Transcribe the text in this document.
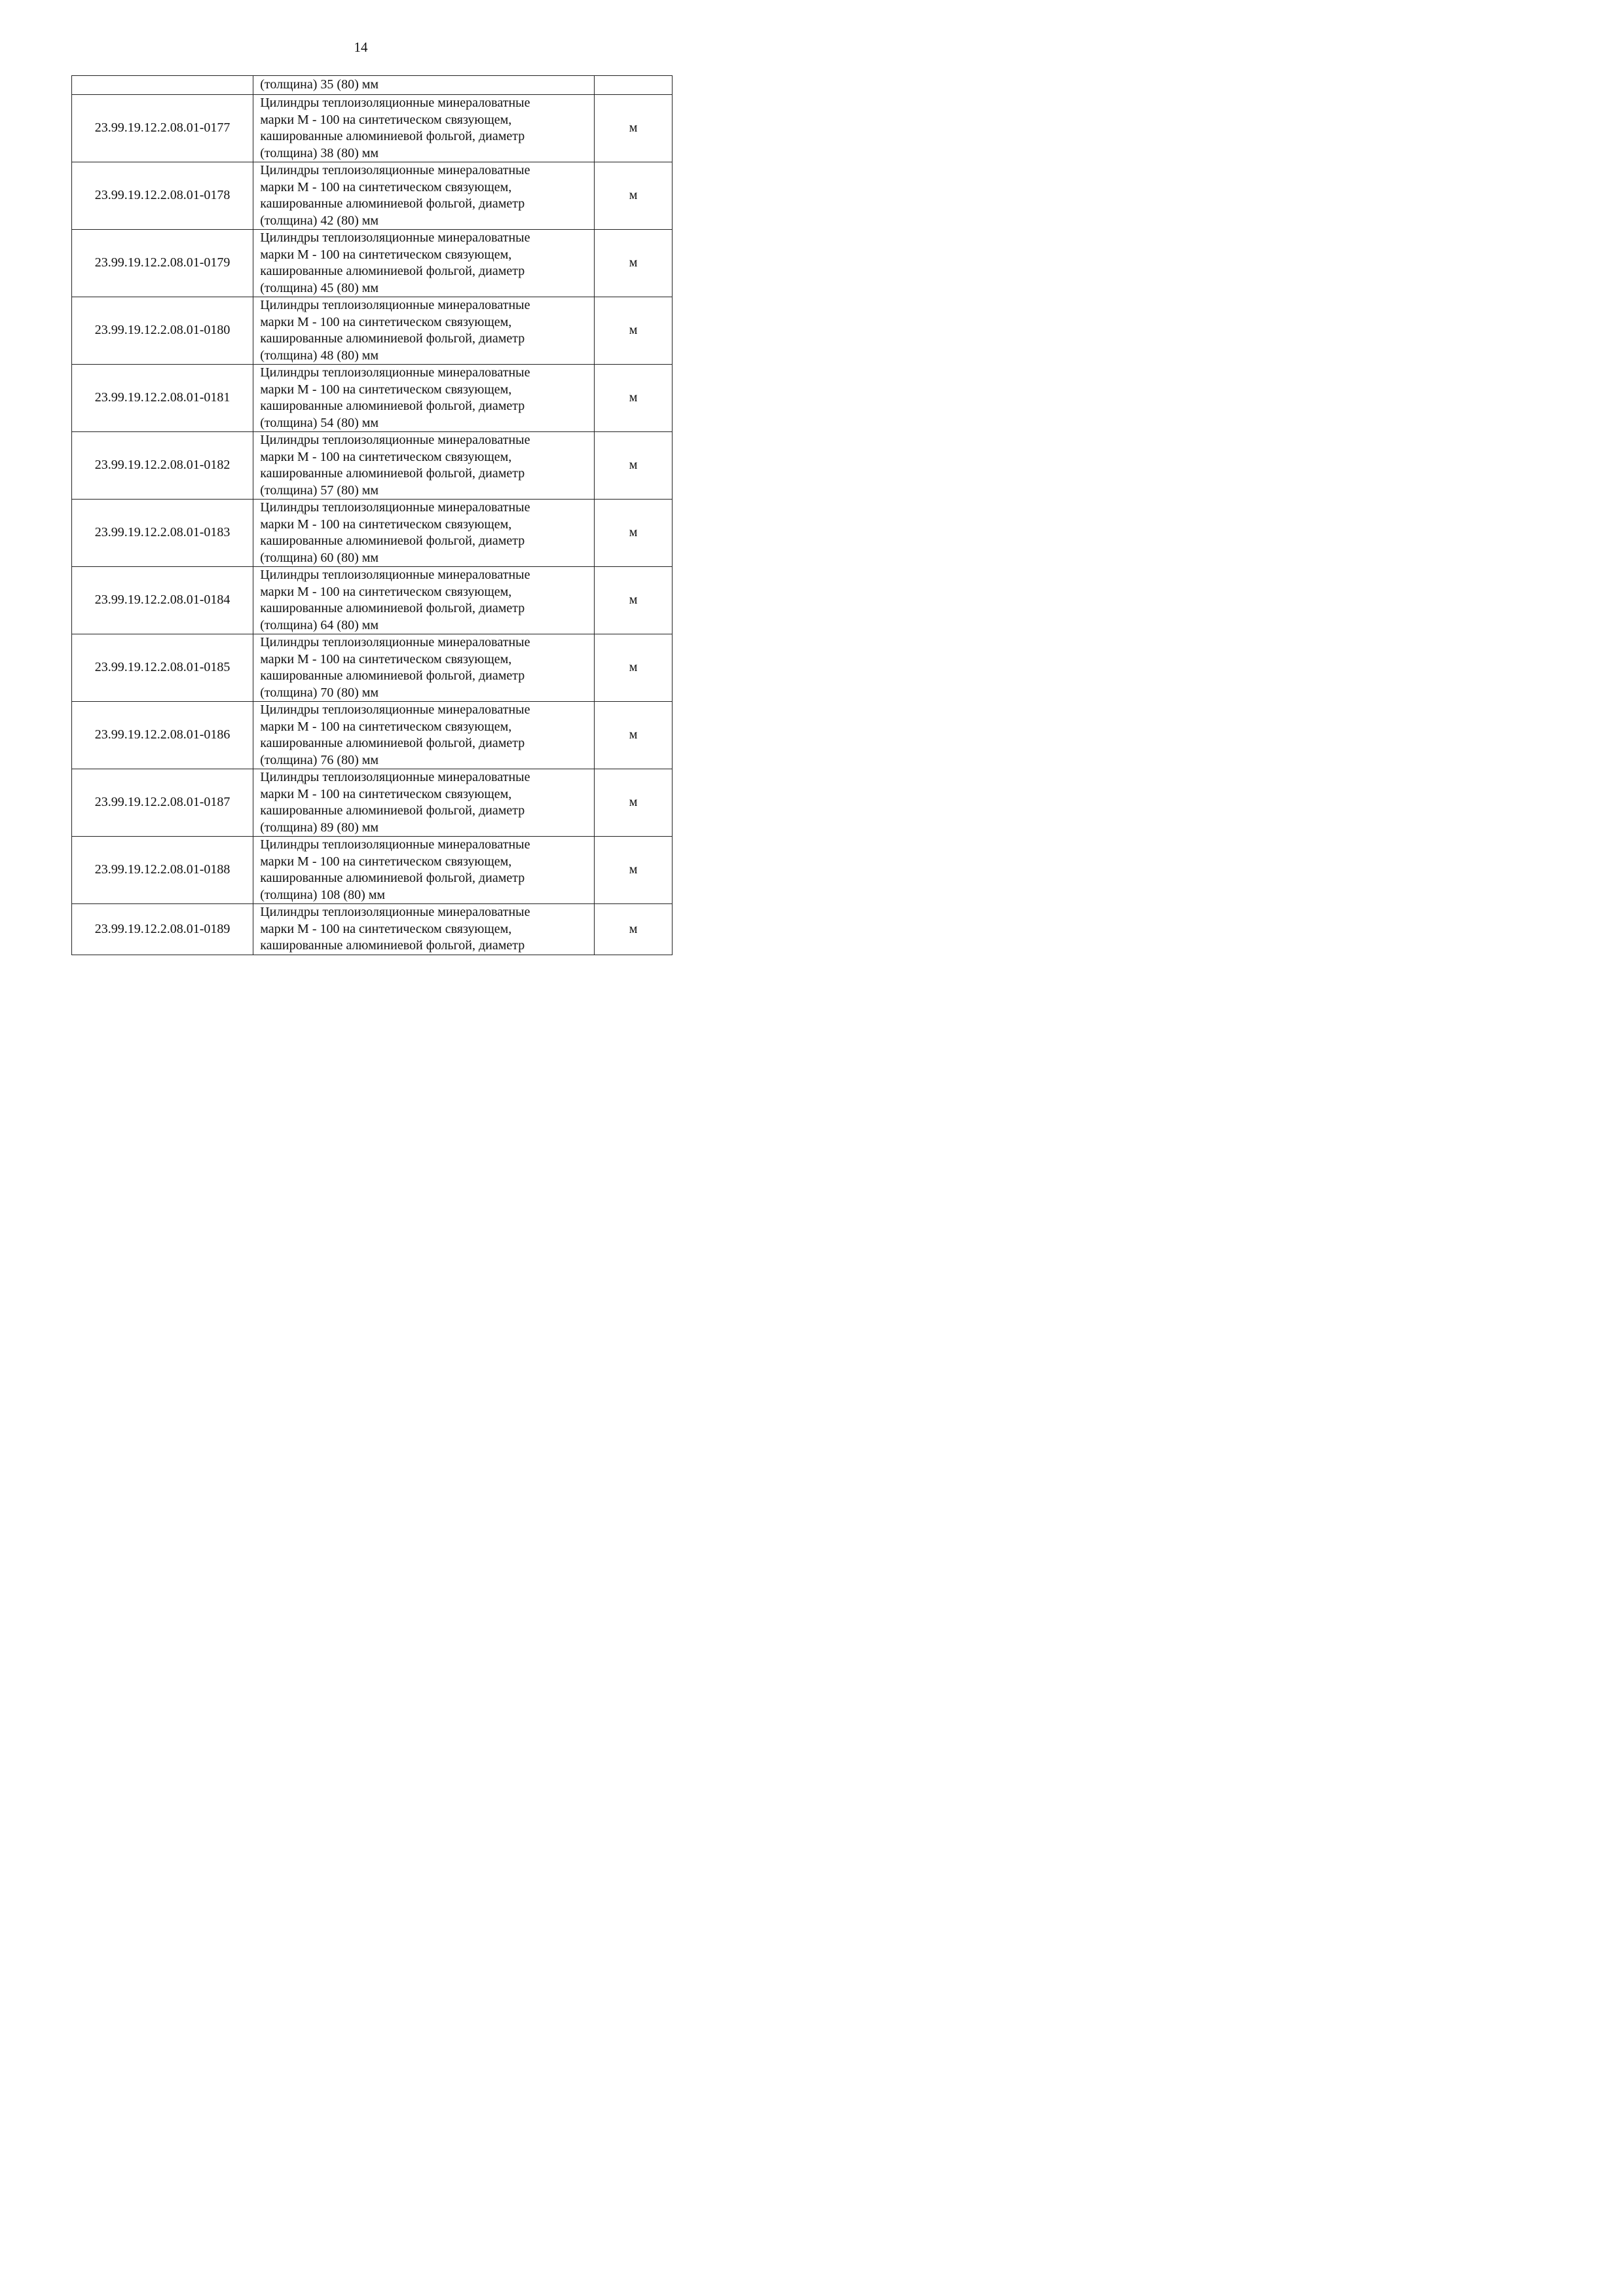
14
	(толщина) 35 (80) мм	
23.99.19.12.2.08.01-0177	Цилиндры теплоизоляционные минераловатные
марки М - 100 на синтетическом связующем,
кашированные алюминиевой фольгой, диаметр
(толщина) 38 (80) мм	м
23.99.19.12.2.08.01-0178	Цилиндры теплоизоляционные минераловатные
марки М - 100 на синтетическом связующем,
кашированные алюминиевой фольгой, диаметр
(толщина) 42 (80) мм	м
23.99.19.12.2.08.01-0179	Цилиндры теплоизоляционные минераловатные
марки М - 100 на синтетическом связующем,
кашированные алюминиевой фольгой, диаметр
(толщина) 45 (80) мм	м
23.99.19.12.2.08.01-0180	Цилиндры теплоизоляционные минераловатные
марки М - 100 на синтетическом связующем,
кашированные алюминиевой фольгой, диаметр
(толщина) 48 (80) мм	м
23.99.19.12.2.08.01-0181	Цилиндры теплоизоляционные минераловатные
марки М - 100 на синтетическом связующем,
кашированные алюминиевой фольгой, диаметр
(толщина) 54 (80) мм	м
23.99.19.12.2.08.01-0182	Цилиндры теплоизоляционные минераловатные
марки М - 100 на синтетическом связующем,
кашированные алюминиевой фольгой, диаметр
(толщина) 57 (80) мм	м
23.99.19.12.2.08.01-0183	Цилиндры теплоизоляционные минераловатные
марки М - 100 на синтетическом связующем,
кашированные алюминиевой фольгой, диаметр
(толщина) 60 (80) мм	м
23.99.19.12.2.08.01-0184	Цилиндры теплоизоляционные минераловатные
марки М - 100 на синтетическом связующем,
кашированные алюминиевой фольгой, диаметр
(толщина) 64 (80) мм	м
23.99.19.12.2.08.01-0185	Цилиндры теплоизоляционные минераловатные
марки М - 100 на синтетическом связующем,
кашированные алюминиевой фольгой, диаметр
(толщина) 70 (80) мм	м
23.99.19.12.2.08.01-0186	Цилиндры теплоизоляционные минераловатные
марки М - 100 на синтетическом связующем,
кашированные алюминиевой фольгой, диаметр
(толщина) 76 (80) мм	м
23.99.19.12.2.08.01-0187	Цилиндры теплоизоляционные минераловатные
марки М - 100 на синтетическом связующем,
кашированные алюминиевой фольгой, диаметр
(толщина) 89 (80) мм	м
23.99.19.12.2.08.01-0188	Цилиндры теплоизоляционные минераловатные
марки М - 100 на синтетическом связующем,
кашированные алюминиевой фольгой, диаметр
(толщина) 108 (80) мм	м
23.99.19.12.2.08.01-0189	Цилиндры теплоизоляционные минераловатные
марки М - 100 на синтетическом связующем,
кашированные алюминиевой фольгой, диаметр	м
